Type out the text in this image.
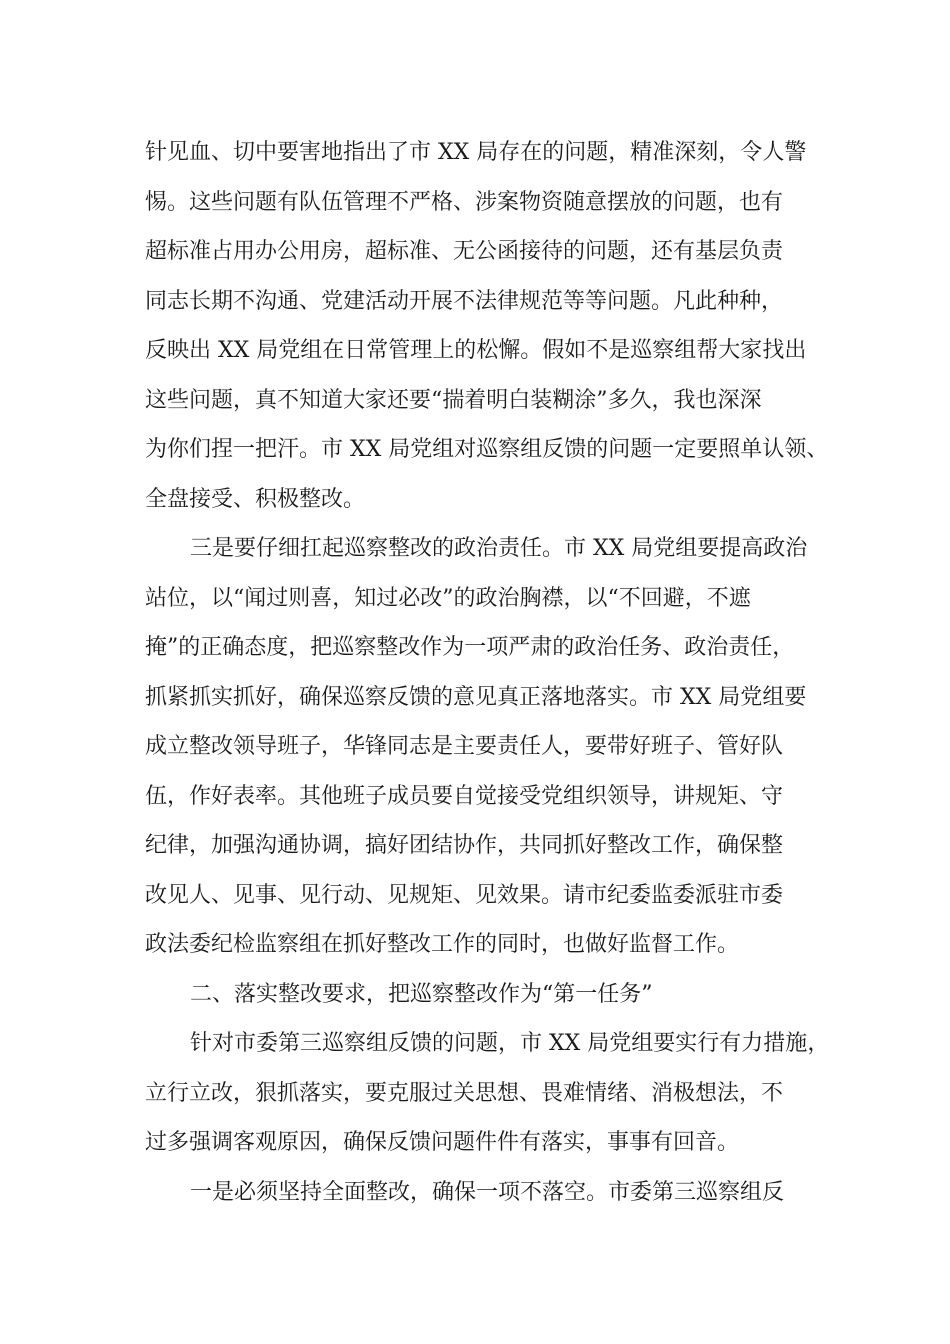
针见血、切中要害地指出了市 XX 局存在的问题，精准深刻，令人警
惕。这些问题有队伍管理不严格、涉案物资随意摆放的问题，也有
超标准占用办公用房，超标准、无公函接待的问题，还有基层负责
同志长期不沟通、党建活动开展不法律规范等等问题。凡此种种，
反映出 XX 局党组在日常管理上的松懈。假如不是巡察组帮大家找出
这些问题，真不知道大家还要“揣着明白装糊涂”多久，我也深深
为你们捏一把汗。市 XX 局党组对巡察组反馈的问题一定要照单认领、
全盘接受、积极整改。
三是要仔细扛起巡察整改的政治责任。市 XX 局党组要提高政治
站位，以“闻过则喜，知过必改”的政治胸襟，以“不回避，不遮
掩”的正确态度，把巡察整改作为一项严肃的政治任务、政治责任，
抓紧抓实抓好，确保巡察反馈的意见真正落地落实。市 XX 局党组要
成立整改领导班子，华锋同志是主要责任人，要带好班子、管好队
伍，作好表率。其他班子成员要自觉接受党组织领导，讲规矩、守
纪律，加强沟通协调，搞好团结协作，共同抓好整改工作，确保整
改见人、见事、见行动、见规矩、见效果。请市纪委监委派驻市委
政法委纪检监察组在抓好整改工作的同时，也做好监督工作。
二、落实整改要求，把巡察整改作为“第一任务”
针对市委第三巡察组反馈的问题，市 XX 局党组要实行有力措施，
立行立改，狠抓落实，要克服过关思想、畏难情绪、消极想法，不
过多强调客观原因，确保反馈问题件件有落实，事事有回音。
一是必须坚持全面整改，确保一项不落空。市委第三巡察组反
